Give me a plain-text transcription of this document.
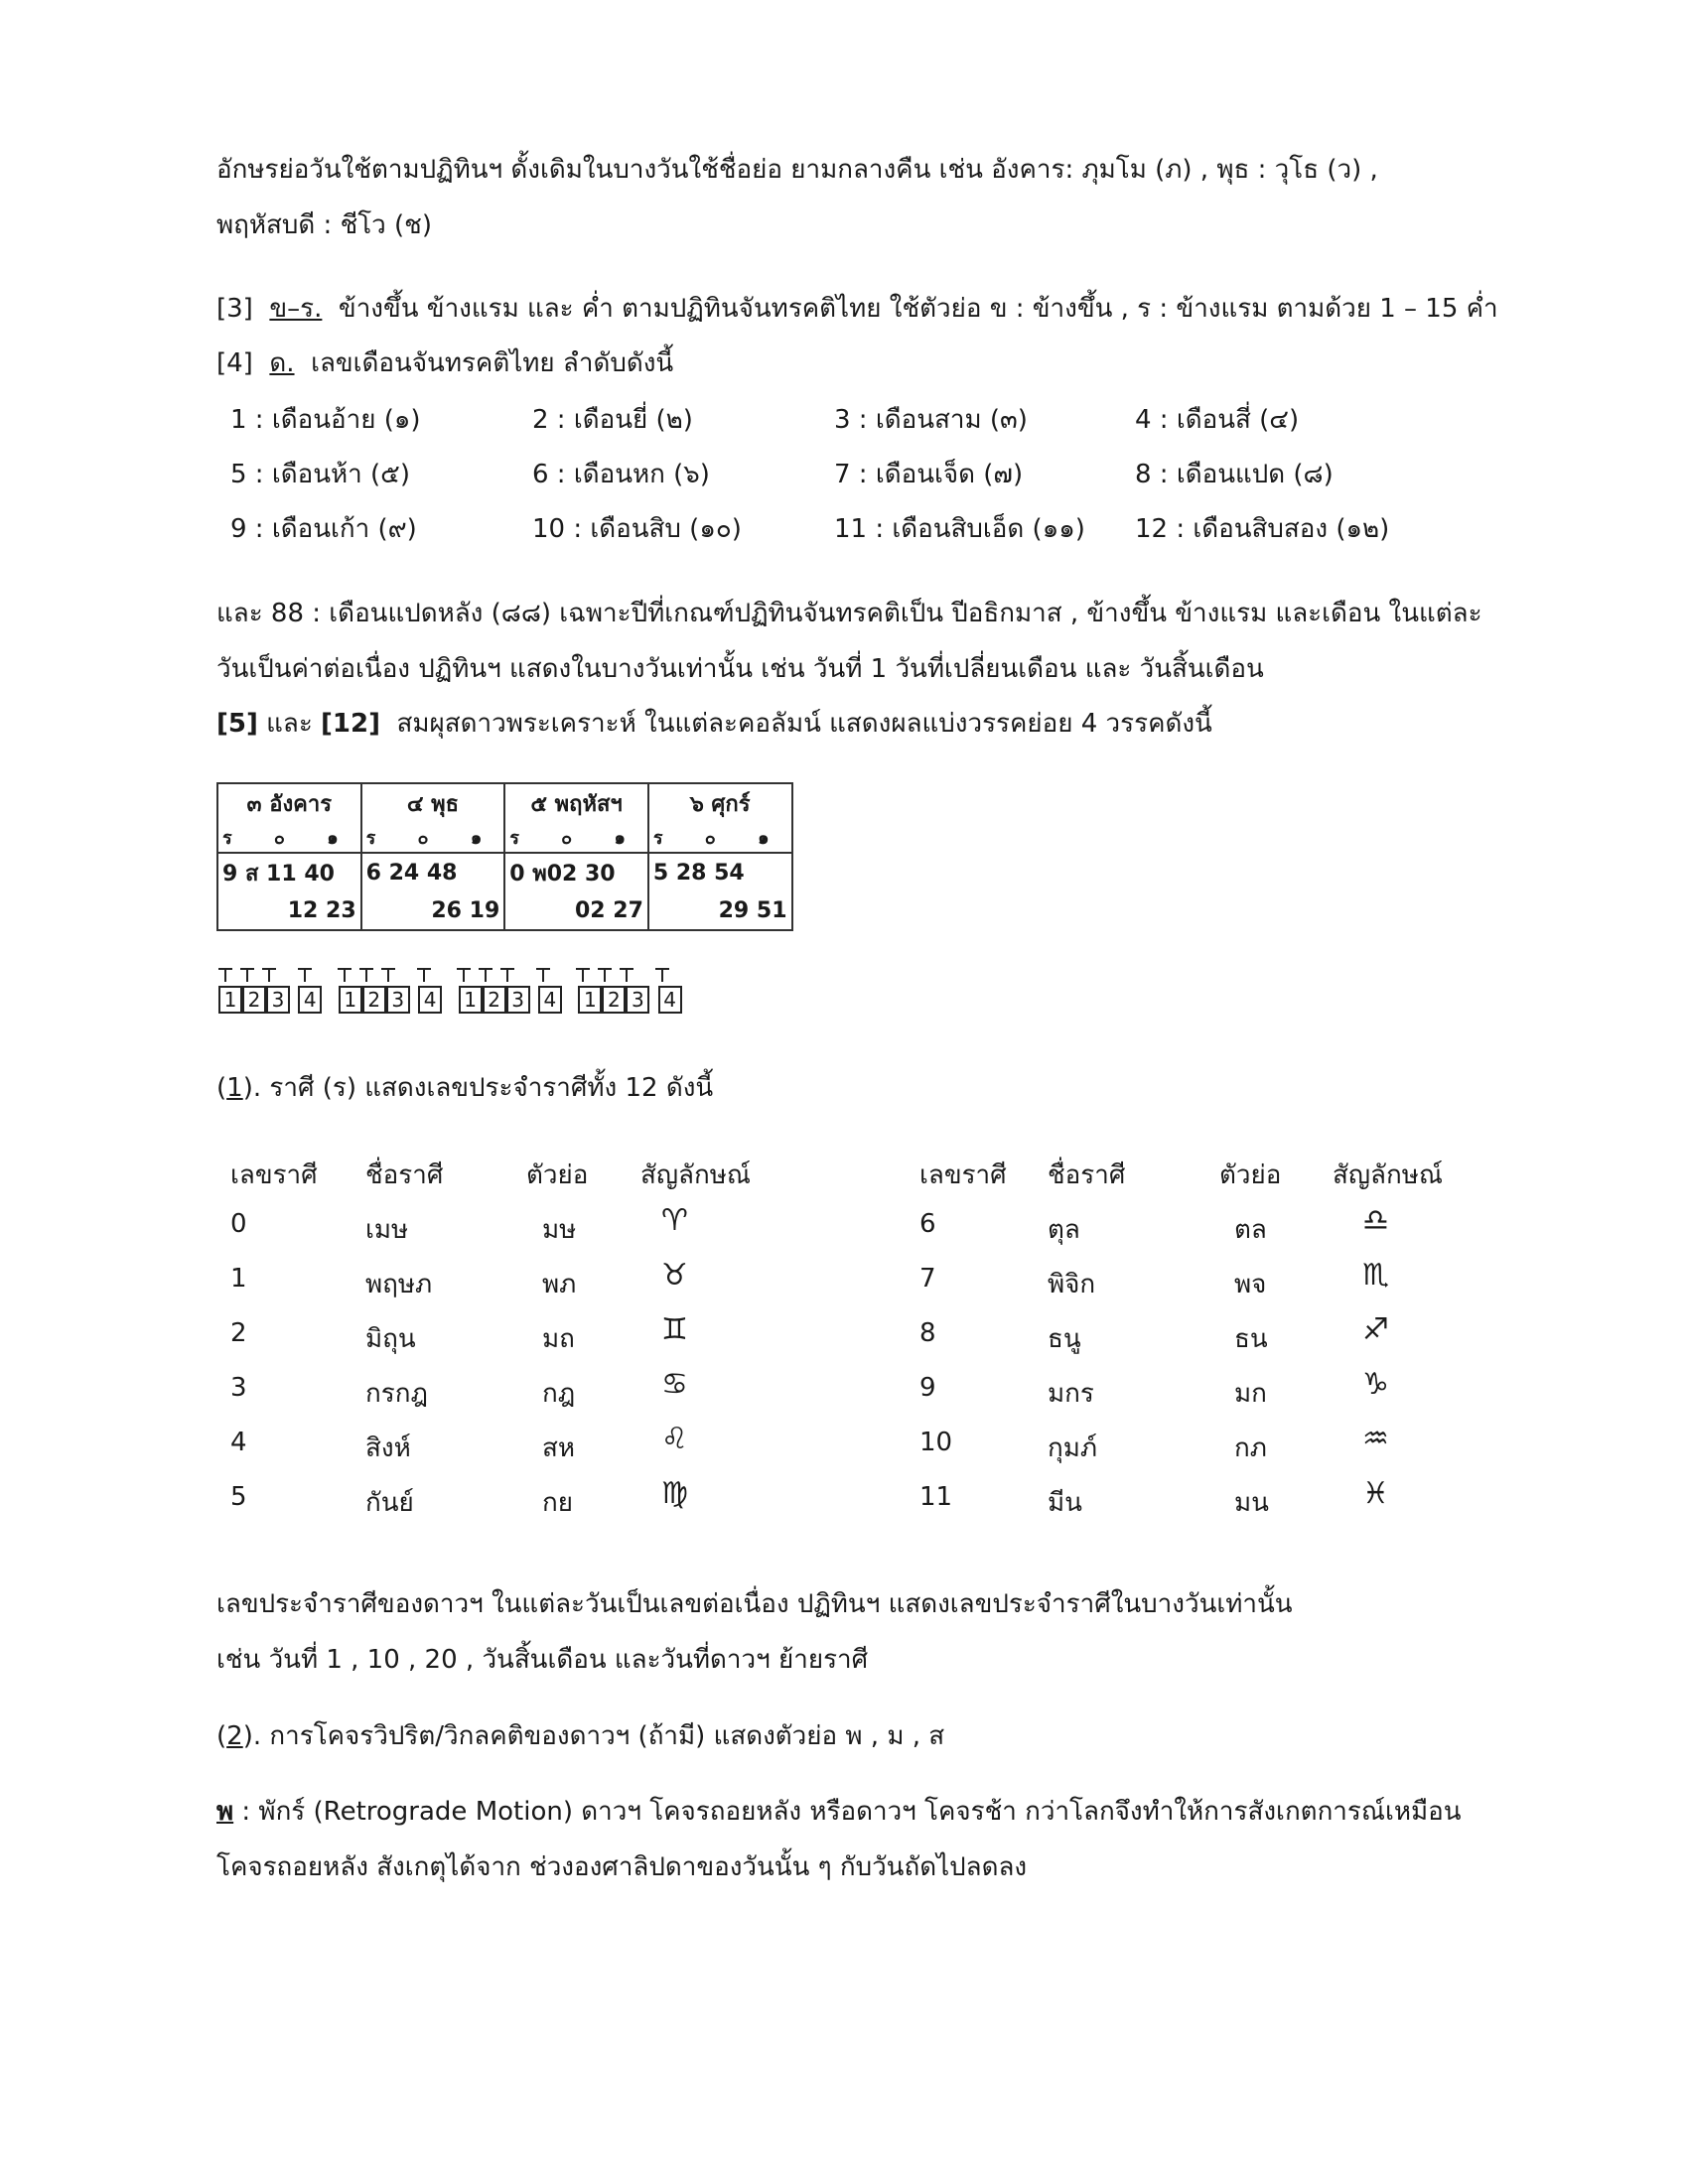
อักษรย่อวันใช้ตามปฏิทินฯ ดั้งเดิมในบางวันใช้ชื่อย่อ ยามกลางคืน เช่น อังคาร: ภุมโม (ภ) , พุธ : วุโธ (ว) ,
พฤหัสบดี : ชีโว (ช)
[3] ข–ร. ข้างขึ้น ข้างแรม และ ค่ำ ตามปฏิทินจันทรคติไทย ใช้ตัวย่อ ข : ข้างขึ้น , ร : ข้างแรม ตามด้วย 1 – 15 ค่ำ
[4] ด. เลขเดือนจันทรคติไทย ลำดับดังนี้
1 : เดือนอ้าย (๑)	2 : เดือนยี่ (๒)	3 : เดือนสาม (๓)	4 : เดือนสี่ (๔)
5 : เดือนห้า (๕)	6 : เดือนหก (๖)	7 : เดือนเจ็ด (๗)	8 : เดือนแปด (๘)
9 : เดือนเก้า (๙)	10 : เดือนสิบ (๑๐)	11 : เดือนสิบเอ็ด (๑๑) 12 : เดือนสิบสอง (๑๒)
และ 88 : เดือนแปดหลัง (๘๘) เฉพาะปีที่เกณฑ์ปฏิทินจันทรคติเป็น ปีอธิกมาส , ข้างขึ้น ข้างแรม และเดือน ในแต่ละ
วันเป็นค่าต่อเนื่อง ปฏิทินฯ แสดงในบางวันเท่านั้น เช่น วันที่ 1 วันที่เปลี่ยนเดือน และ วันสิ้นเดือน
[5] และ [12] สมผุสดาวพระเคราะห์ ในแต่ละคอลัมน์ แสดงผลแบ่งวรรคย่อย 4 วรรคดังนี้
๓ อังคาร	๔ พุธ	๕ พฤหัสฯ	๖ ศุกร์
ร ๐ ๑	ร ๐ ๑	ร ๐ ๑	ร ๐ ๑
9 ส 11 40	6 24 48	0 พ02 30	5 28 54
12 23	26 19	02 27	29 51
1 2 3 4 1 2 3 4 1 2 3 4 1 2 3 4
(1). ราศี (ร) แสดงเลขประจำราศีทั้ง 12 ดังนี้
เลขราศี ชื่อราศี	ตัวย่อ สัญลักษณ์
0	เมษ	มษ	♈
1	พฤษภ	พภ	♉
2	มิถุน	มถ	♊
3	กรกฎ	กฎ	♋
4	สิงห์	สห	♌
5	กันย์	กย	♍
เลขราศี ชื่อราศี	ตัวย่อ สัญลักษณ์
6	ตุล	ตล	♎
7	พิจิก	พจ	♏
8	ธนู	ธน	♐
9	มกร	มก	♑
10	กุมภ์	กภ	♒
11	มีน	มน	♓
เลขประจำราศีของดาวฯ ในแต่ละวันเป็นเลขต่อเนื่อง ปฏิทินฯ แสดงเลขประจำราศีในบางวันเท่านั้น
เช่น วันที่ 1 , 10 , 20 , วันสิ้นเดือน และวันที่ดาวฯ ย้ายราศี
(2). การโคจรวิปริต/วิกลคติของดาวฯ (ถ้ามี) แสดงตัวย่อ พ , ม , ส
พ : พักร์ (Retrograde Motion) ดาวฯ โคจรถอยหลัง หรือดาวฯ โคจรช้า กว่าโลกจึงทำให้การสังเกตการณ์เหมือน
โคจรถอยหลัง สังเกตุได้จาก ช่วงองศาลิปดาของวันนั้น ๆ กับวันถัดไปลดลง
